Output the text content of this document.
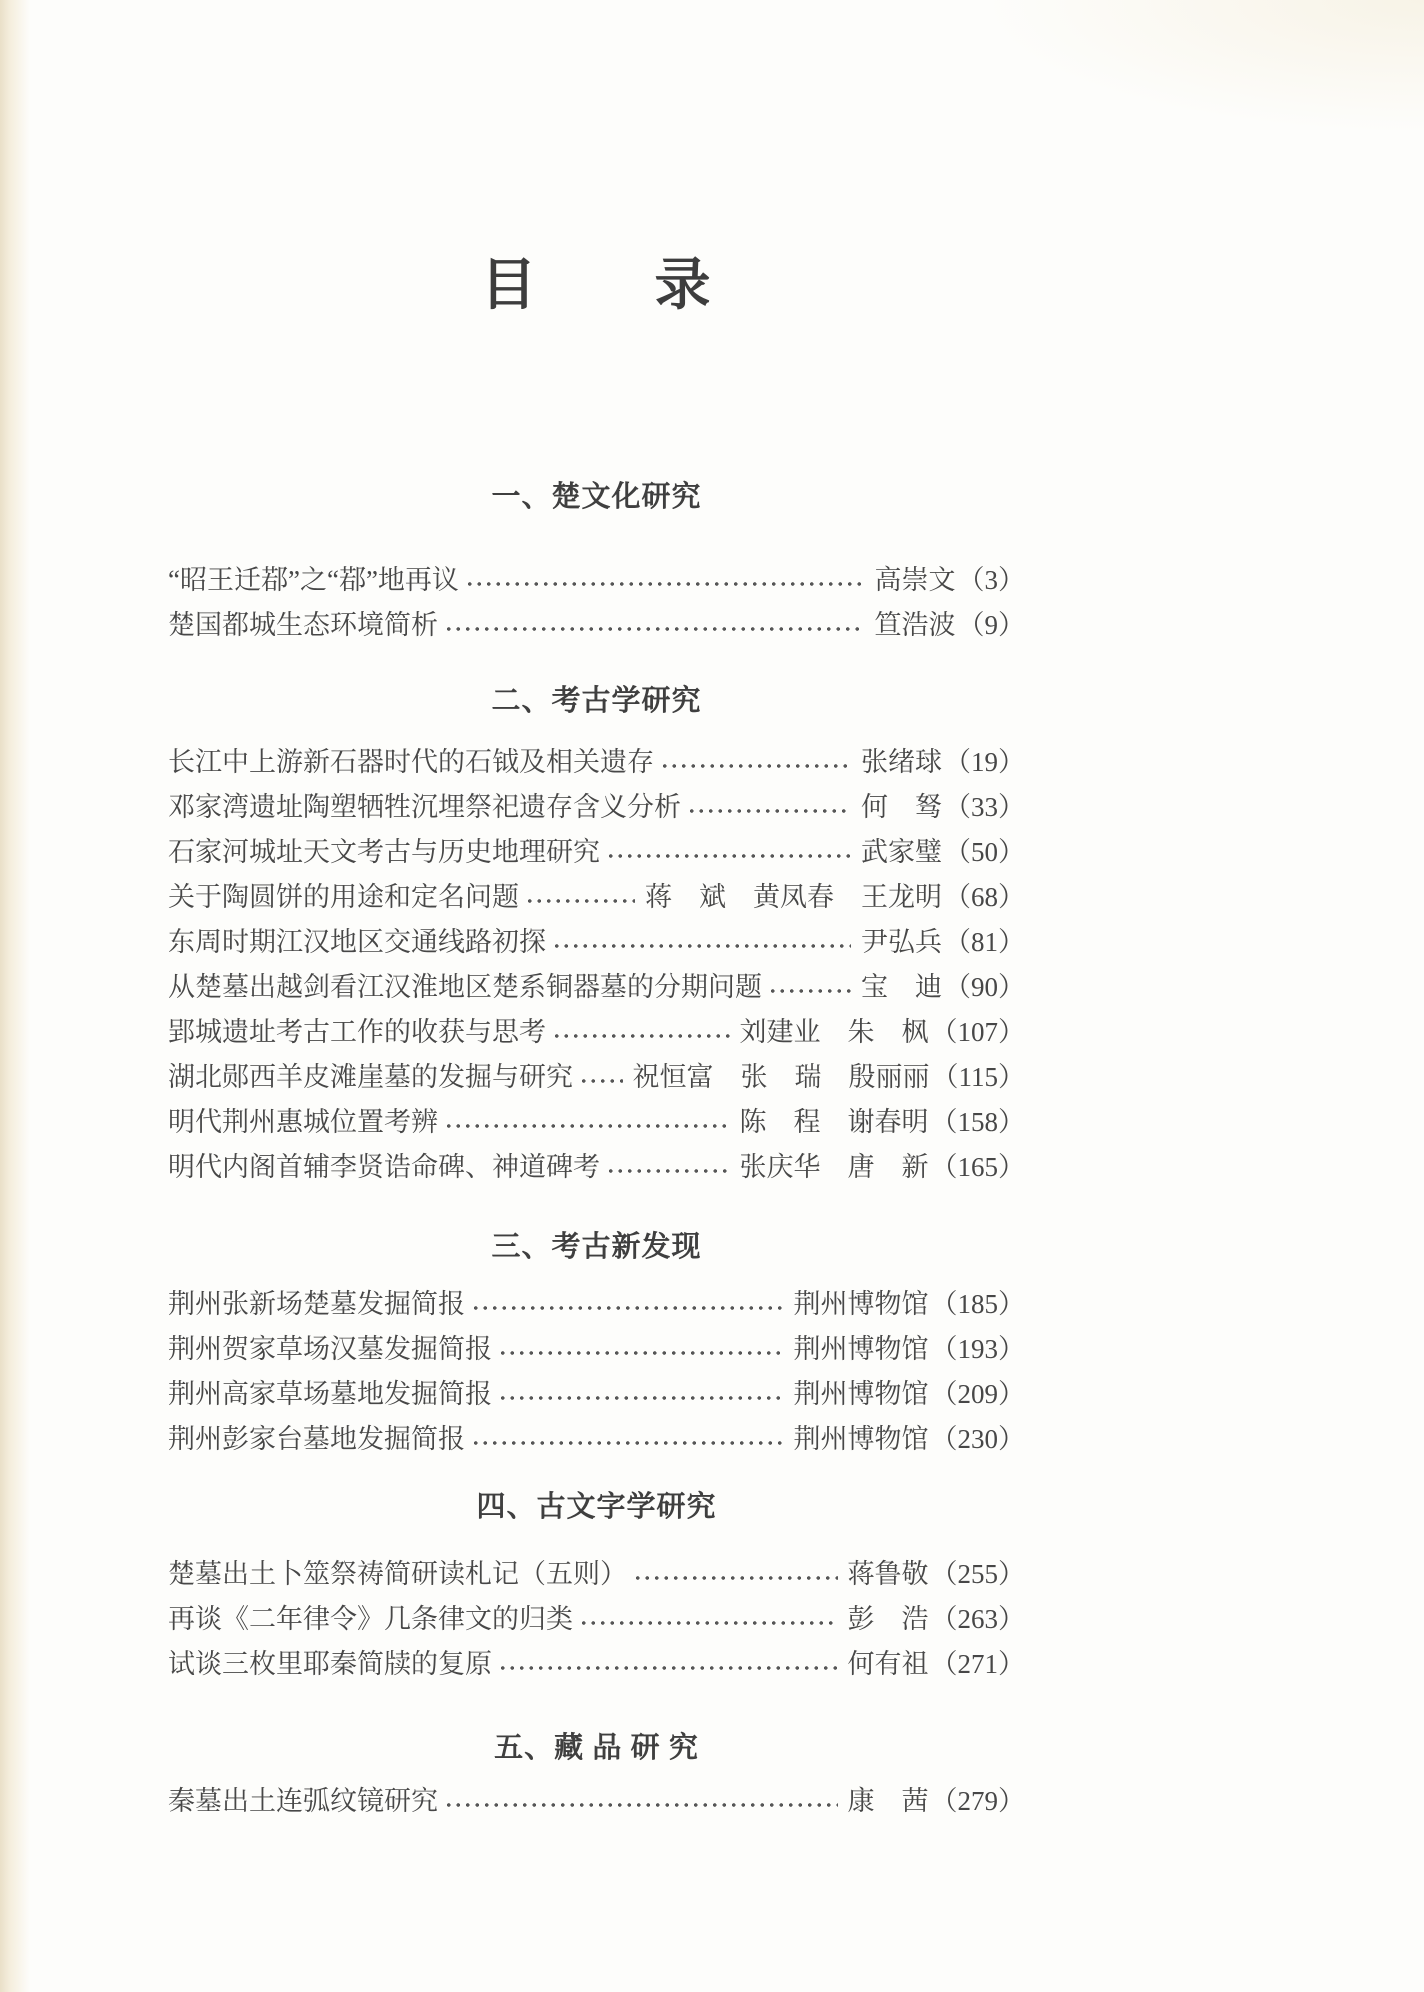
目　　录
一、楚文化研究
“昭王迁鄀”之“鄀”地再议	高崇文 （3）
楚国都城生态环境简析	笪浩波 （9）
二、考古学研究
长江中上游新石器时代的石钺及相关遗存	张绪球 （19）
邓家湾遗址陶塑牺牲沉埋祭祀遗存含义分析	何　驽 （33）
石家河城址天文考古与历史地理研究	武家璧 （50）
关于陶圆饼的用途和定名问题	蒋　斌　黄凤春　王龙明 （68）
东周时期江汉地区交通线路初探	尹弘兵 （81）
从楚墓出越剑看江汉淮地区楚系铜器墓的分期问题	宝　迪 （90）
郢城遗址考古工作的收获与思考	刘建业　朱　枫 （107）
湖北郧西羊皮滩崖墓的发掘与研究 祝恒富　张　瑞　殷丽丽 （115）
明代荆州惠城位置考辨	陈　程　谢春明 （158）
明代内阁首辅李贤诰命碑、神道碑考	张庆华　唐　新 （165）
三、考古新发现
荆州张新场楚墓发掘简报	荆州博物馆 （185）
荆州贺家草场汉墓发掘简报	荆州博物馆 （193）
荆州高家草场墓地发掘简报	荆州博物馆 （209）
荆州彭家台墓地发掘简报	荆州博物馆 （230）
四、古文字学研究
楚墓出土卜筮祭祷简研读札记（五则）	蒋鲁敬 （255）
再谈《二年律令》几条律文的归类	彭　浩 （263）
试谈三枚里耶秦简牍的复原	何有祖 （271）
五、藏 品 研 究
秦墓出土连弧纹镜研究	康　茜 （279）
